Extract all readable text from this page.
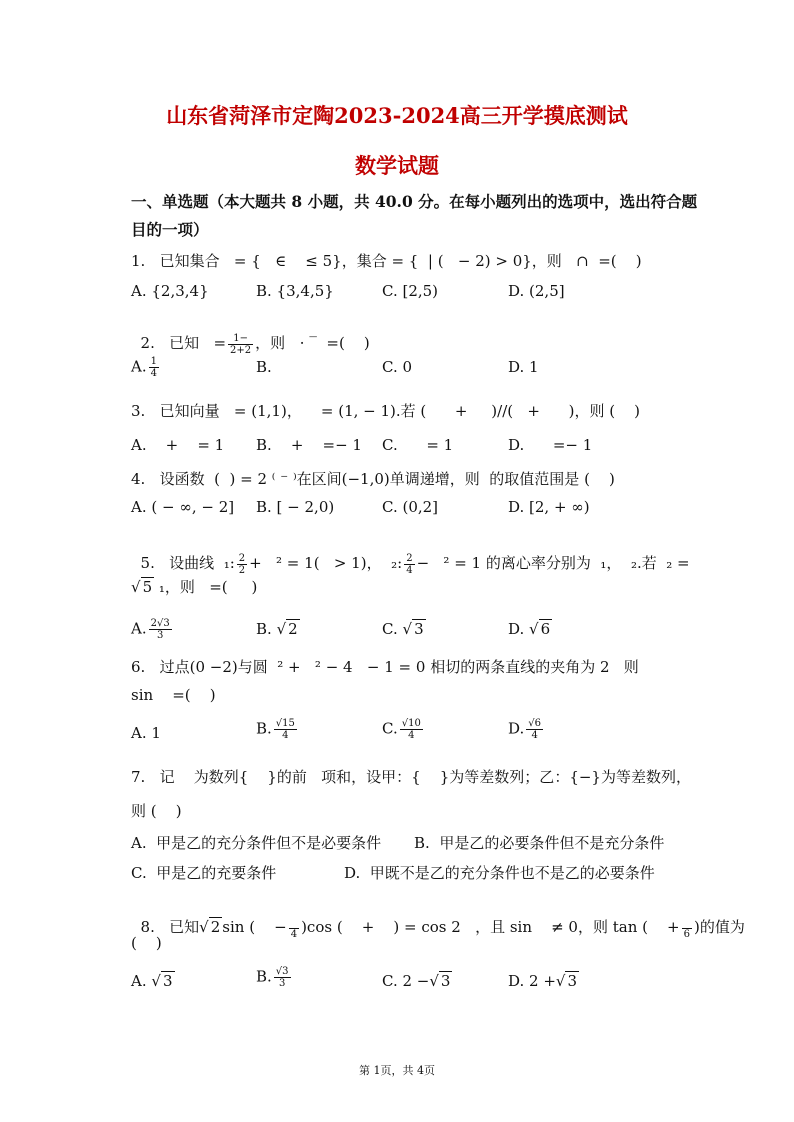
山东省菏泽市定陶2023-2024高三开学摸底测试
数学试题
一、单选题（本大题共 8 小题，共 40.0 分。在每小题列出的选项中，选出符合题
目的一项）
1.   已知集合   = {   ∈    ≤ 5}，集合 = {  | (   − 2) > 0}，则   ∩  =(    )
A. {2,3,4}	B. {3,4,5}	C. [2,5)	D. (2,5]

2.   已知   = $\frac{1-}{2+2}$ ，则   ⋅ ‾  =(    )

A. $\frac{1}{4}$	B.	C. 0	D. 1
3.   已知向量   = (1,1)，    = (1, − 1).若 (      +     )//(   +      )，则 (    )
A.    +    = 1 B.    +    =− 1 C.      = 1	D.      =− 1
4.   设函数  (  ) = 2 ⁽ ⁻ ⁾在区间(−1,0)单调递增，则  的取值范围是 (    )
A. ( − ∞, − 2] B. [ − 2,0)	C. (0,2]	D. [2, + ∞)

5.   设曲线  ₁: $\frac{2}{2} + ^2 = 1( > 1)$，  ₂: $\frac{2}{4} - ^2 = 1$ 的离心率分别为  ₁，  ₂.若  ₂ =

√ 5 ₁，则   =(     )
A. $\frac{2√3}{3}$	B. √ 2	C. √ 3	D. √ 6
6.   过点(0 −2)与圆  ² +   ² − 4   − 1 = 0 相切的两条直线的夹角为 2   则
sin    =(    )
A. 1	B. $\frac{√15}{4}$	C. $\frac{√10}{4}$	D. $\frac{√6}{4}$
7.   记    为数列{    }的前   项和，设甲：{    }为等差数列；乙：{−}为等差数列，
则 (    )
A.  甲是乙的充分条件但不是必要条件 B.  甲是乙的必要条件但不是充分条件
C.  甲是乙的充要条件	D.  甲既不是乙的充分条件也不是乙的必要条件

8.   已知√ 2 sin (    −
4 )cos (    +    ) = cos 2   ，且 sin    ≠ 0，则 tan (    +
6 )的值为

(    )
A. √ 3	B. $\frac{√3}{3}$	C. 2 −√ 3	D. 2 +√ 3
第 1页，共 4页
